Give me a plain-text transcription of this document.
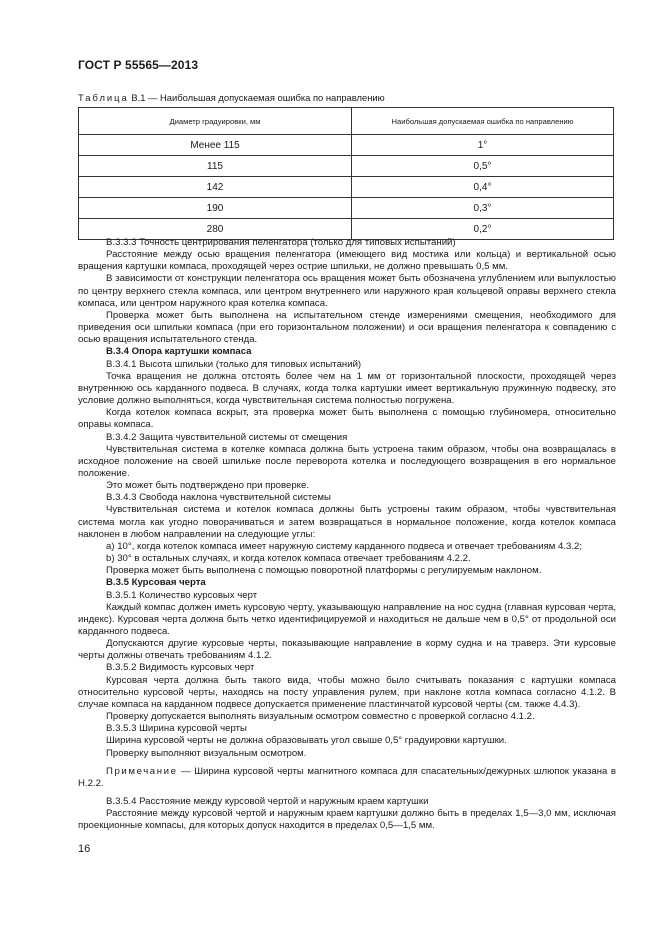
ГОСТ Р 55565—2013
Таблица В.1 — Наибольшая допускаемая ошибка по направлению
Диаметр градуировки, мм	Наибольшая допускаемая ошибка по направлению
Менее 115	1°
115	0,5°
142	0,4°
190	0,3°
280	0,2°

В.3.3.3 Точность центрирования пеленгатора (только для типовых испытаний)

Расстояние между осью вращения пеленгатора (имеющего вид мостика или кольца) и вертикальной осью вращения картушки компаса, проходящей через острие шпильки, не должно превышать 0,5 мм.

В зависимости от конструкции пеленгатора ось вращения может быть обозначена углублением или выпуклостью по центру верхнего стекла компаса, или центром внутреннего или наружного края кольцевой оправы верхнего стекла компаса, или центром наружного края котелка компаса.

Проверка может быть выполнена на испытательном стенде измерениями смещения, необходимого для приведения оси шпильки компаса (при его горизонтальном положении) и оси вращения пеленгатора к совпадению с осью вращения испытательного стенда.

В.3.4 Опора картушки компаса

В.3.4.1 Высота шпильки (только для типовых испытаний)

Точка вращения не должна отстоять более чем на 1 мм от горизонтальной плоскости, проходящей через внутреннюю ось карданного подвеса. В случаях, когда толка картушки имеет вертикальную пружинную подвеску, это условие должно выполняться, когда чувствительная система полностью погружена.

Когда котелок компаса вскрыт, эта проверка может быть выполнена с помощью глубиномера, относительно оправы компаса.

В.3.4.2 Защита чувствительной системы от смещения

Чувствительная система в котелке компаса должна быть устроена таким образом, чтобы она возвращалась в исходное положение на своей шпильке после переворота котелка и последующего возвращения в его нормальное положение.

Это может быть подтверждено при проверке.

В.3.4.3 Свобода наклона чувствительной системы

Чувствительная система и котелок компаса должны быть устроены таким образом, чтобы чувствительная система могла как угодно поворачиваться и затем возвращаться в нормальное положение, когда котелок компаса наклонен в любом направлении на следующие углы:

а) 10°, когда котелок компаса имеет наружную систему карданного подвеса и отвечает требованиям 4.3.2;

b) 30° в остальных случаях, и когда котелок компаса отвечает требованиям 4.2.2.

Проверка может быть выполнена с помощью поворотной платформы с регулируемым наклоном.

В.3.5 Курсовая черта

В.3.5.1 Количество курсовых черт

Каждый компас должен иметь курсовую черту, указывающую направление на нос судна (главная курсовая черта, индекс). Курсовая черта должна быть четко идентифицируемой и находиться не дальше чем в 0,5° от продольной оси карданного подвеса.

Допускаются другие курсовые черты, показывающие направление в корму судна и на траверз. Эти курсовые черты должны отвечать требованиям 4.1.2.

В.3.5.2 Видимость курсовых черт

Курсовая черта должна быть такого вида, чтобы можно было считывать показания с картушки компаса относительно курсовой черты, находясь на посту управления рулем, при наклоне котла компаса согласно 4.1.2. В случае компаса на карданном подвесе допускается применение пластинчатой курсовой черты (см. также 4.4.3).

Проверку допускается выполнять визуальным осмотром совместно с проверкой согласно 4.1.2.

В.3.5.3 Ширина курсовой черты

Ширина курсовой черты не должна образовывать угол свыше 0,5° градуировки картушки.

Проверку выполняют визуальным осмотром.

Примечание — Ширина курсовой черты магнитного компаса для спасательных/дежурных шлюпок указана в Н.2.2.

В.3.5.4 Расстояние между курсовой чертой и наружным краем картушки

Расстояние между курсовой чертой и наружным краем картушки должно быть в пределах 1,5—3,0 мм, исключая проекционные компасы, для которых допуск находится в пределах 0,5—1,5 мм.

16
